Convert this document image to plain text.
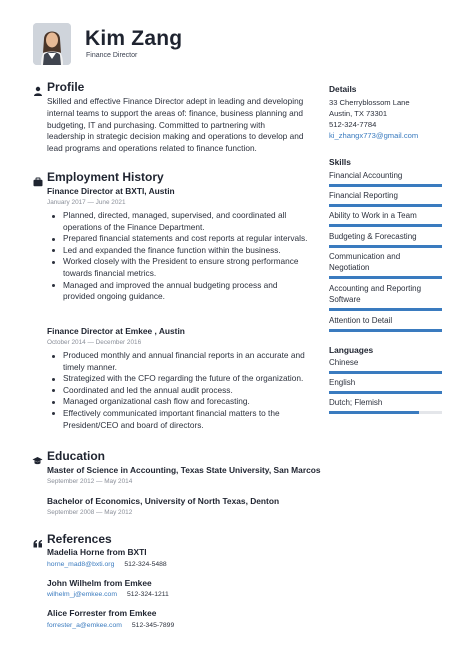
Kim Zang
Finance Director
Profile
Skilled and effective Finance Director adept in leading and developing internal teams to support the areas of: finance, business planning and budgeting, IT and purchasing. Committed to partnering with leadership in strategic decision making and operations to develop and lead programs and operations related to finance function.
Employment History
Finance Director at BXTI, Austin
January 2017 — June 2021
Planned, directed, managed, supervised, and coordinated all operations of the Finance Department.
Prepared financial statements and cost reports at regular intervals.
Led and expanded the finance function within the business.
Worked closely with the President to ensure strong performance towards financial metrics.
Managed and improved the annual budgeting process and provided ongoing guidance.
Finance Director at Emkee , Austin
October 2014 — December 2016
Produced monthly and annual financial reports in an accurate and timely manner.
Strategized with the CFO regarding the future of the organization.
Coordinated and led the annual audit process.
Managed organizational cash flow and forecasting.
Effectively communicated important financial matters to the President/CEO and board of directors.
Education
Master of Science in Accounting, Texas State University, San Marcos
September 2012 — May 2014
Bachelor of Economics, University of North Texas, Denton
September 2008 — May 2012
References
Madelia Horne from BXTI
horne_mad8@bxti.org 512-324-5488
John Wilhelm from Emkee
wilhelm_j@emkee.com 512-324-1211
Alice Forrester from Emkee
forrester_a@emkee.com 512-345-7899
Details
33 Cherryblossom Lane
Austin, TX 73301
512-324-7784
ki_zhangx773@gmail.com
Skills
Financial Accounting
Financial Reporting
Ability to Work in a Team
Budgeting & Forecasting
Communication and Negotiation
Accounting and Reporting Software
Attention to Detail
Languages
Chinese
English
Dutch; Flemish
